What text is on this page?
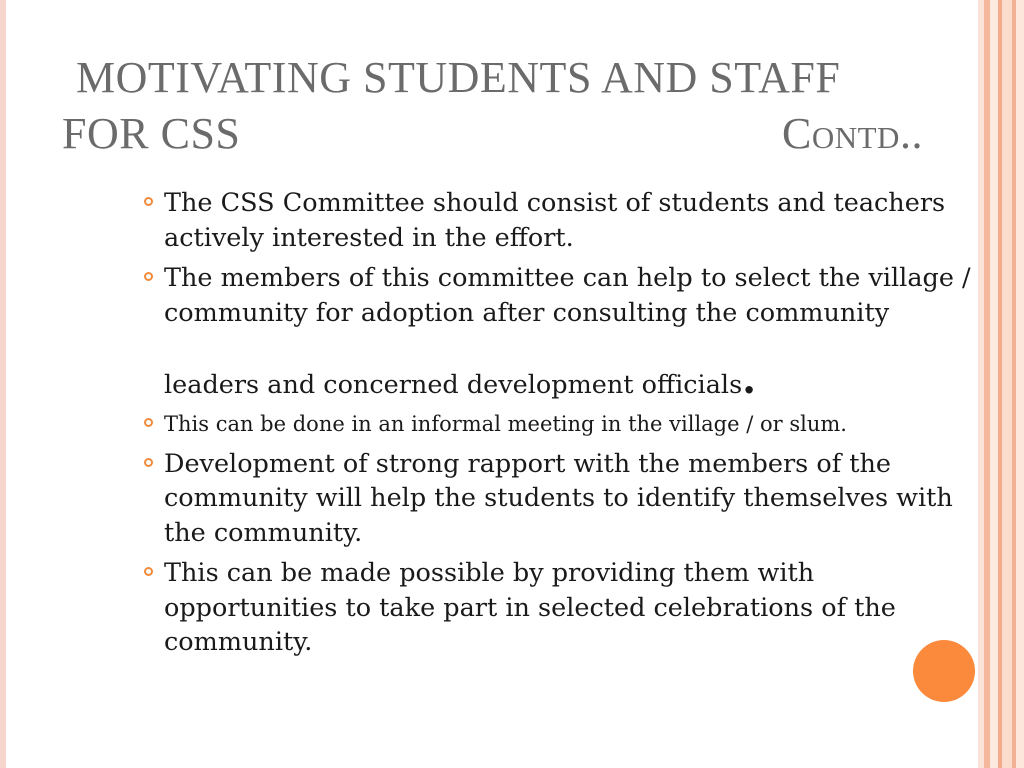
MOTIVATING STUDENTS AND STAFF
FOR CSS	Contd..
The CSS Committee should consist of students and teachers actively interested in the effort.
The members of this committee can help to select the village / community for adoption after consulting the community
leaders and concerned development officials.
This can be done in an informal meeting in the village / or slum.
Development of strong rapport with the members of the community will help the students to identify themselves with the community.
This can be made possible by providing them with opportunities to take part in selected celebrations of the community.
